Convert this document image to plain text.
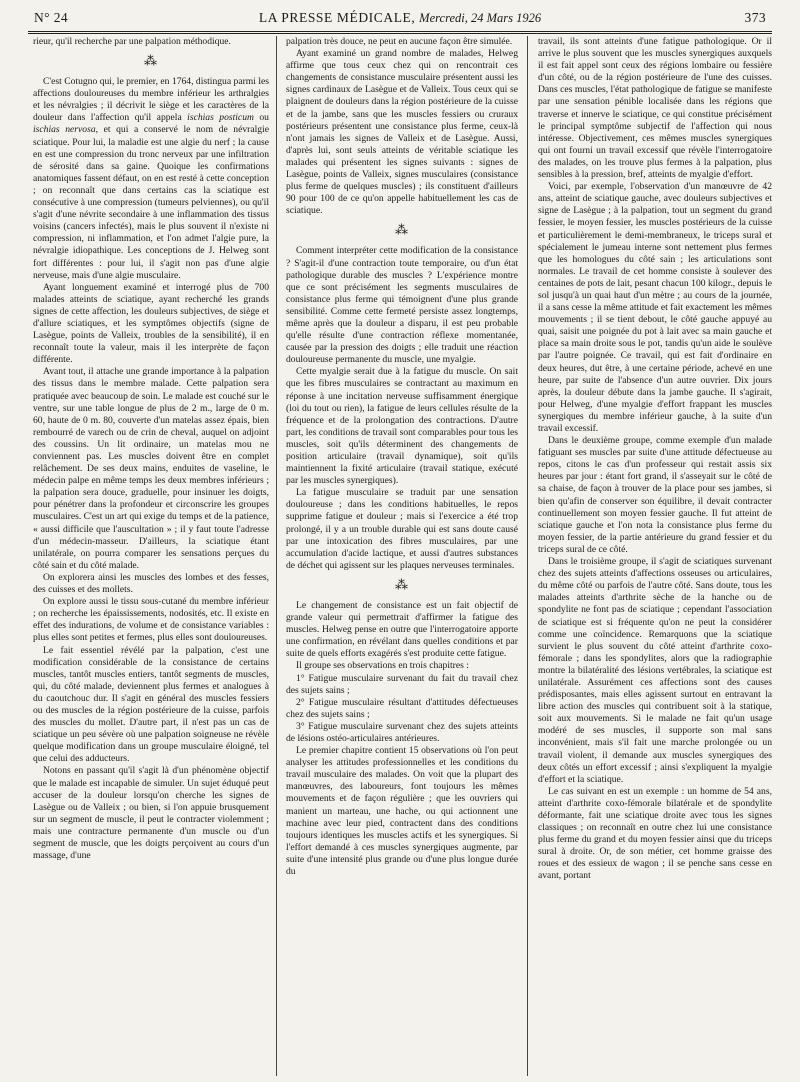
N° 24	LA PRESSE MÉDICALE, Mercredi, 24 Mars 1926	373

rieur, qu'il recherche par une palpation méthodique.

⁂

C'est Cotugno qui, le premier, en 1764, distingua parmi les affections douloureuses du membre inférieur les arthralgies et les névralgies ; il décrivit le siège et les caractères de la douleur dans l'affection qu'il appela ischias posticum ou ischias nervosa, et qui a conservé le nom de névralgie sciatique. Pour lui, la maladie est une algie du nerf ; la cause en est une compression du tronc nerveux par une infiltration de sérosité dans sa gaine. Quoique les confirmations anatomiques fassent défaut, on en est resté à cette conception ; on reconnaît que dans certains cas la sciatique est consécutive à une compression (tumeurs pelviennes), ou qu'il s'agit d'une névrite secondaire à une inflammation des tissus voisins (cancers infectés), mais le plus souvent il n'existe ni compression, ni inflammation, et l'on admet l'algie pure, la névralgie idiopathique. Les conceptions de J. Helweg sont fort différentes : pour lui, il s'agit non pas d'une algie nerveuse, mais d'une algie musculaire.

Ayant longuement examiné et interrogé plus de 700 malades atteints de sciatique, ayant recherché les grands signes de cette affection, les douleurs subjectives, de siège et d'allure sciatiques, et les symptômes objectifs (signe de Lasègue, points de Valleix, troubles de la sensibilité), il en reconnaît toute la valeur, mais il les interprète de façon différente.

Avant tout, il attache une grande importance à la palpation des tissus dans le membre malade. Cette palpation sera pratiquée avec beaucoup de soin. Le malade est couché sur le ventre, sur une table longue de plus de 2 m., large de 0 m. 60, haute de 0 m. 80, couverte d'un matelas assez épais, bien rembourré de varech ou de crin de cheval, auquel on adjoint des coussins. Un lit ordinaire, un matelas mou ne conviennent pas. Les muscles doivent être en complet relâchement. De ses deux mains, enduites de vaseline, le médecin palpe en même temps les deux membres inférieurs ; la palpation sera douce, graduelle, pour insinuer les doigts, pour pénétrer dans la profondeur et circonscrire les groupes musculaires. C'est un art qui exige du temps et de la patience, « aussi difficile que l'auscultation » ; il y faut toute l'adresse d'un médecin-masseur. D'ailleurs, la sciatique étant unilatérale, on pourra comparer les sensations perçues du côté sain et du côté malade.

On explorera ainsi les muscles des lombes et des fesses, des cuisses et des mollets.

On explore aussi le tissu sous-cutané du membre inférieur ; on recherche les épaississements, nodosités, etc. Il existe en effet des indurations, de volume et de consistance variables : plus elles sont petites et fermes, plus elles sont douloureuses.

Le fait essentiel révélé par la palpation, c'est une modification considérable de la consistance de certains muscles, tantôt muscles entiers, tantôt segments de muscles, qui, du côté malade, deviennent plus fermes et analogues à du caoutchouc dur. Il s'agit en général des muscles fessiers ou des muscles de la région postérieure de la cuisse, parfois des muscles du mollet. D'autre part, il n'est pas un cas de sciatique un peu sévère où une palpation soigneuse ne révèle quelque modification dans un groupe musculaire éloigné, tel que celui des adducteurs.

Notons en passant qu'il s'agit là d'un phénomène objectif que le malade est incapable de simuler. Un sujet éduqué peut accuser de la douleur lorsqu'on cherche les signes de Lasègue ou de Valleix ; ou bien, si l'on appuie brusquement sur un segment de muscle, il peut le contracter violemment ; mais une contracture permanente d'un muscle ou d'un segment de muscle, que les doigts perçoivent au cours d'un massage, d'une

palpation très douce, ne peut en aucune façon être simulée.

Ayant examiné un grand nombre de malades, Helweg affirme que tous ceux chez qui on rencontrait ces changements de consistance musculaire présentent aussi les signes cardinaux de Lasègue et de Valleix. Tous ceux qui se plaignent de douleurs dans la région postérieure de la cuisse et de la jambe, sans que les muscles fessiers ou cruraux postérieurs présentent une consistance plus ferme, ceux-là n'ont jamais les signes de Valleix et de Lasègue. Aussi, d'après lui, sont seuls atteints de véritable sciatique les malades qui présentent les signes suivants : signes de Lasègue, points de Valleix, signes musculaires (consistance plus ferme de quelques muscles) ; ils constituent d'ailleurs 90 pour 100 de ce qu'on appelle habituellement les cas de sciatique.

⁂

Comment interpréter cette modification de la consistance ? S'agit-il d'une contraction toute temporaire, ou d'un état pathologique durable des muscles ? L'expérience montre que ce sont précisément les segments musculaires de consistance plus ferme qui témoignent d'une plus grande sensibilité. Comme cette fermeté persiste assez longtemps, même après que la douleur a disparu, il est peu probable qu'elle résulte d'une contraction réflexe momentanée, causée par la pression des doigts ; elle traduit une réaction douloureuse permanente du muscle, une myalgie.

Cette myalgie serait due à la fatigue du muscle. On sait que les fibres musculaires se contractant au maximum en réponse à une incitation nerveuse suffisamment énergique (loi du tout ou rien), la fatigue de leurs cellules résulte de la fréquence et de la prolongation des contractions. D'autre part, les conditions de travail sont comparables pour tous les muscles, soit qu'ils déterminent des changements de position articulaire (travail dynamique), soit qu'ils maintiennent la fixité articulaire (travail statique, exécuté par les muscles synergiques).

La fatigue musculaire se traduit par une sensation douloureuse ; dans les conditions habituelles, le repos supprime fatigue et douleur ; mais si l'exercice a été trop prolongé, il y a un trouble durable qui est sans doute causé par une intoxication des fibres musculaires, par une accumulation d'acide lactique, et aussi d'autres substances de déchet qui agissent sur les plaques nerveuses terminales.

⁂

Le changement de consistance est un fait objectif de grande valeur qui permettrait d'affirmer la fatigue des muscles. Helweg pense en outre que l'interrogatoire apporte une confirmation, en révélant dans quelles conditions et par suite de quels efforts exagérés s'est produite cette fatigue.

Il groupe ses observations en trois chapitres :

1° Fatigue musculaire survenant du fait du travail chez des sujets sains ;

2° Fatigue musculaire résultant d'attitudes défectueuses chez des sujets sains ;

3° Fatigue musculaire survenant chez des sujets atteints de lésions ostéo-articulaires antérieures.

Le premier chapitre contient 15 observations où l'on peut analyser les attitudes professionnelles et les conditions du travail musculaire des malades. On voit que la plupart des manœuvres, des laboureurs, font toujours les mêmes mouvements et de façon régulière ; que les ouvriers qui manient un marteau, une hache, ou qui actionnent une machine avec leur pied, contractent dans des conditions toujours identiques les muscles actifs et les synergiques. Si l'effort demandé à ces muscles synergiques augmente, par suite d'une intensité plus grande ou d'une plus longue durée du

travail, ils sont atteints d'une fatigue pathologique. Or il arrive le plus souvent que les muscles synergiques auxquels il est fait appel sont ceux des régions lombaire ou fessière d'un côté, ou de la région postérieure de l'une des cuisses. Dans ces muscles, l'état pathologique de fatigue se manifeste par une sensation pénible localisée dans les régions que traverse et innerve le sciatique, ce qui constitue précisément le principal symptôme subjectif de l'affection qui nous intéresse. Objectivement, ces mêmes muscles synergiques qui ont fourni un travail excessif que révèle l'interrogatoire des malades, on les trouve plus fermes à la palpation, plus sensibles à la pression, bref, atteints de myalgie d'effort.

Voici, par exemple, l'observation d'un manœuvre de 42 ans, atteint de sciatique gauche, avec douleurs subjectives et signe de Lasègue ; à la palpation, tout un segment du grand fessier, le moyen fessier, les muscles postérieurs de la cuisse et particulièrement le demi-membraneux, le triceps sural et spécialement le jumeau interne sont nettement plus fermes que les homologues du côté sain ; les articulations sont normales. Le travail de cet homme consiste à soulever des centaines de pots de lait, pesant chacun 100 kilogr., depuis le sol jusqu'à un quai haut d'un mètre ; au cours de la journée, il a sans cesse la même attitude et fait exactement les mêmes mouvements ; il se tient debout, le côté gauche appuyé au quai, saisit une poignée du pot à lait avec sa main gauche et place sa main droite sous le pot, tandis qu'un aide le soulève par l'autre poignée. Ce travail, qui est fait d'ordinaire en deux heures, dut être, à une certaine période, achevé en une heure, par suite de l'absence d'un autre ouvrier. Dix jours après, la douleur débute dans la jambe gauche. Il s'agirait, pour Helweg, d'une myalgie d'effort frappant les muscles synergiques du membre inférieur gauche, à la suite d'un travail excessif.

Dans le deuxième groupe, comme exemple d'un malade fatiguant ses muscles par suite d'une attitude défectueuse au repos, citons le cas d'un professeur qui restait assis six heures par jour : étant fort grand, il s'asseyait sur le côté de sa chaise, de façon à trouver de la place pour ses jambes, si bien qu'afin de conserver son équilibre, il devait contracter continuellement son moyen fessier gauche. Il fut atteint de sciatique gauche et l'on nota la consistance plus ferme du moyen fessier, de la partie antérieure du grand fessier et du triceps sural de ce côté.

Dans le troisième groupe, il s'agit de sciatiques survenant chez des sujets atteints d'affections osseuses ou articulaires, du même côté ou parfois de l'autre côté. Sans doute, tous les malades atteints d'arthrite sèche de la hanche ou de spondylite ne font pas de sciatique ; cependant l'association de sciatique est si fréquente qu'on ne peut la considérer comme une coïncidence. Remarquons que la sciatique survient le plus souvent du côté atteint d'arthrite coxo-fémorale ; dans les spondylites, alors que la radiographie montre la bilatéralité des lésions vertébrales, la sciatique est unilatérale. Assurément ces affections sont des causes prédisposantes, mais elles agissent surtout en entravant la libre action des muscles qui contribuent soit à la statique, soit aux mouvements. Si le malade ne fait qu'un usage modéré de ses muscles, il supporte son mal sans inconvénient, mais s'il fait une marche prolongée ou un travail violent, il demande aux muscles synergiques des deux côtés un effort excessif ; ainsi s'expliquent la myalgie d'effort et la sciatique.

Le cas suivant en est un exemple : un homme de 54 ans, atteint d'arthrite coxo-fémorale bilatérale et de spondylite déformante, fait une sciatique droite avec tous les signes classiques ; on reconnaît en outre chez lui une consistance plus ferme du grand et du moyen fessier ainsi que du triceps sural à droite. Or, de son métier, cet homme graisse des roues et des essieux de wagon ; il se penche sans cesse en avant, portant
